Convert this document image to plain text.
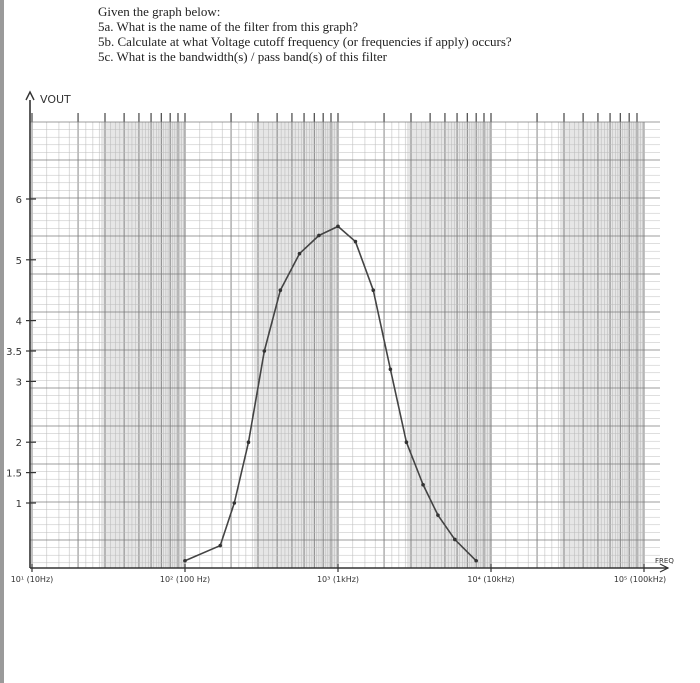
Given the graph below:
5a. What is the name of the filter from this graph?
5b. Calculate at what Voltage cutoff frequency (or frequencies if apply) occurs?
5c. What is the bandwidth(s) / pass band(s) of this filter
VOUT
FREQ
6
5
4
3.5
3
2
1.5
1
10¹ (10Hz)	10² (100 Hz)	10³ (1kHz)	10⁴ (10kHz)	10⁵ (100kHz)
